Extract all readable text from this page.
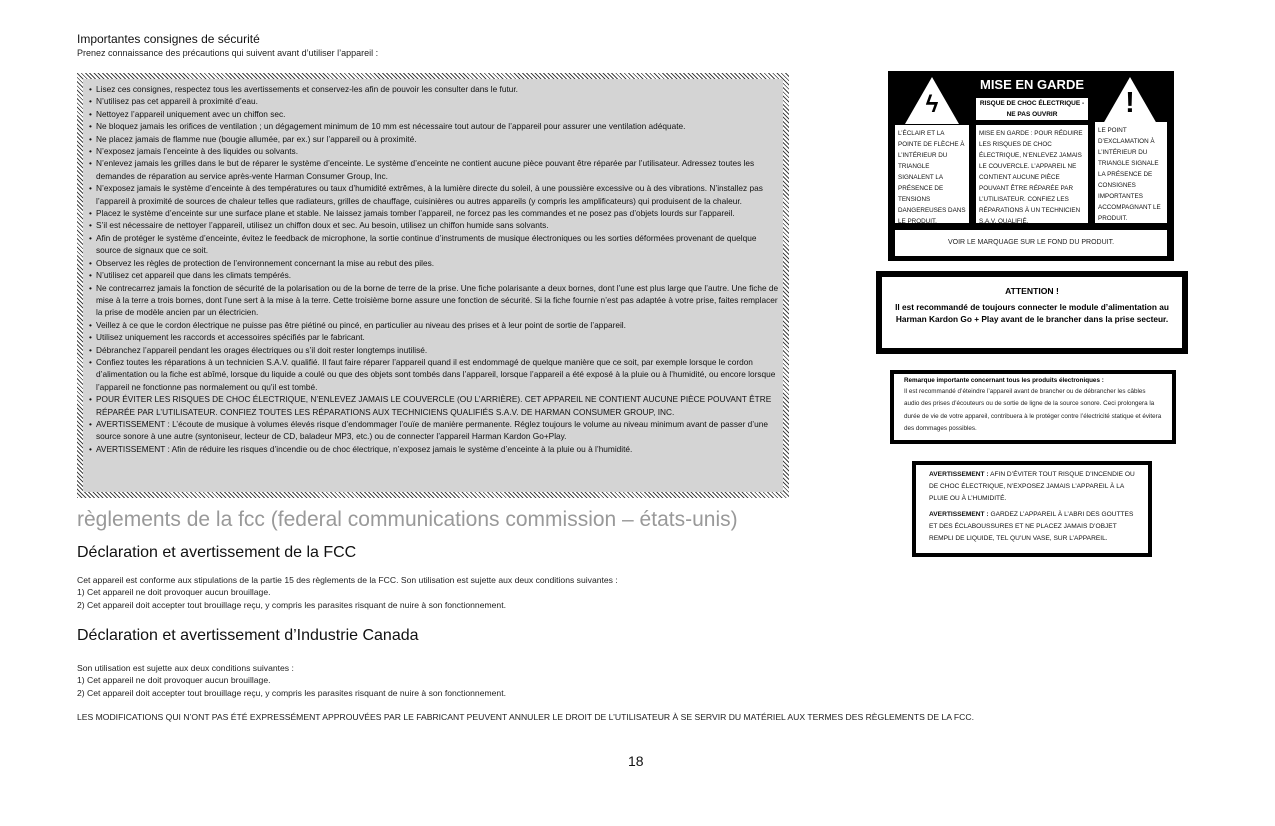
Importantes consignes de sécurité
Prenez connaissance des précautions qui suivent avant d’utiliser l’appareil :
• Lisez ces consignes, respectez tous les avertissements et conservez-les afin de pouvoir les consulter dans le futur.
• N’utilisez pas cet appareil à proximité d’eau.
• Nettoyez l’appareil uniquement avec un chiffon sec.
• Ne bloquez jamais les orifices de ventilation ; un dégagement minimum de 10 mm est nécessaire tout autour de l’appareil pour assurer une ventilation adéquate.
• Ne placez jamais de flamme nue (bougie allumée, par ex.) sur l’appareil ou à proximité.
• N’exposez jamais l’enceinte à des liquides ou solvants.
• N’enlevez jamais les grilles dans le but de réparer le système d’enceinte. Le système d’enceinte ne contient aucune pièce pouvant être réparée par l’utilisateur. Adressez toutes les demandes de réparation au service après-vente Harman Consumer Group, Inc.
• N’exposez jamais le système d’enceinte à des températures ou taux d’humidité extrêmes, à la lumière directe du soleil, à une poussière excessive ou à des vibrations. N’installez pas l’appareil à proximité de sources de chaleur telles que radiateurs, grilles de chauffage, cuisinières ou autres appareils (y compris les amplificateurs) qui produisent de la chaleur.
• Placez le système d’enceinte sur une surface plane et stable. Ne laissez jamais tomber l’appareil, ne forcez pas les commandes et ne posez pas d’objets lourds sur l’appareil.
• S’il est nécessaire de nettoyer l’appareil, utilisez un chiffon doux et sec. Au besoin, utilisez un chiffon humide sans solvants.
• Afin de protéger le système d’enceinte, évitez le feedback de microphone, la sortie continue d’instruments de musique électroniques ou les sorties déformées provenant de quelque source de signaux que ce soit.
• Observez les règles de protection de l’environnement concernant la mise au rebut des piles.
• N’utilisez cet appareil que dans les climats tempérés.
• Ne contrecarrez jamais la fonction de sécurité de la polarisation ou de la borne de terre de la prise. Une fiche polarisante a deux bornes, dont l’une est plus large que l’autre. Une fiche de mise à la terre a trois bornes, dont l’une sert à la mise à la terre. Cette troisième borne assure une fonction de sécurité. Si la fiche fournie n’est pas adaptée à votre prise, faites remplacer la prise de modèle ancien par un électricien.
• Veillez à ce que le cordon électrique ne puisse pas être piétiné ou pincé, en particulier au niveau des prises et à leur point de sortie de l’appareil.
• Utilisez uniquement les raccords et accessoires spécifiés par le fabricant.
• Débranchez l’appareil pendant les orages électriques ou s’il doit rester longtemps inutilisé.
• Confiez toutes les réparations à un technicien S.A.V. qualifié. Il faut faire réparer l’appareil quand il est endommagé de quelque manière que ce soit, par exemple lorsque le cordon d’alimentation ou la fiche est abîmé, lorsque du liquide a coulé ou que des objets sont tombés dans l’appareil, lorsque l’appareil a été exposé à la pluie ou à l’humidité, ou encore lorsque l’appareil ne fonctionne pas normalement ou qu’il est tombé.
• POUR ÉVITER LES RISQUES DE CHOC ÉLECTRIQUE, N’ENLEVEZ JAMAIS LE COUVERCLE (OU L’ARRIÈRE). CET APPAREIL NE CONTIENT AUCUNE PIÈCE POUVANT ÊTRE RÉPARÉE PAR L’UTILISATEUR. CONFIEZ TOUTES LES RÉPARATIONS AUX TECHNICIENS QUALIFIÉS S.A.V. DE HARMAN CONSUMER GROUP, INC.
• AVERTISSEMENT : L’écoute de musique à volumes élevés risque d’endommager l’ouïe de manière permanente. Réglez toujours le volume au niveau minimum avant de passer d’une source sonore à une autre (syntoniseur, lecteur de CD, baladeur MP3, etc.) ou de connecter l’appareil Harman Kardon Go+Play.
• AVERTISSEMENT : Afin de réduire les risques d’incendie ou de choc électrique, n’exposez jamais le système d’enceinte à la pluie ou à l’humidité.
règlements de la fcc (federal communications commission – états-unis)
Déclaration et avertissement de la FCC
Cet appareil est conforme aux stipulations de la partie 15 des règlements de la FCC. Son utilisation est sujette aux deux conditions suivantes :
1) Cet appareil ne doit provoquer aucun brouillage.
2) Cet appareil doit accepter tout brouillage reçu, y compris les parasites risquant de nuire à son fonctionnement.
Déclaration et avertissement d’Industrie Canada
Son utilisation est sujette aux deux conditions suivantes :
1) Cet appareil ne doit provoquer aucun brouillage.
2) Cet appareil doit accepter tout brouillage reçu, y compris les parasites risquant de nuire à son fonctionnement.
LES MODIFICATIONS QUI N’ONT PAS ÉTÉ EXPRESSÉMENT APPROUVÉES PAR LE FABRICANT PEUVENT ANNULER LE DROIT DE L’UTILISATEUR À SE SERVIR DU MATÉRIEL AUX TERMES DES RÈGLEMENTS DE LA FCC.
18
ϟ	!
MISE EN GARDE
RISQUE DE CHOC ÉLECTRIQUE - NE PAS OUVRIR
L’ÉCLAIR ET LA POINTE DE FLÈCHE À L’INTÉRIEUR DU TRIANGLE SIGNALENT LA PRÉSENCE DE TENSIONS DANGEREUSES DANS LE PRODUIT.
MISE EN GARDE : POUR RÉDUIRE LES RISQUES DE CHOC ÉLECTRIQUE, N’ENLEVEZ JAMAIS LE COUVERCLE. L’APPAREIL NE CONTIENT AUCUNE PIÈCE POUVANT ÊTRE RÉPARÉE PAR L’UTILISATEUR. CONFIEZ LES RÉPARATIONS À UN TECHNICIEN S.A.V. QUALIFIÉ.
LE POINT D’EXCLAMATION À L’INTÉRIEUR DU TRIANGLE SIGNALE LA PRÉSENCE DE CONSIGNES IMPORTANTES ACCOMPAGNANT LE PRODUIT.
VOIR LE MARQUAGE SUR LE FOND DU PRODUIT.
ATTENTION !
Il est recommandé de toujours connecter le module d’alimentation au Harman Kardon Go + Play avant de le brancher dans la prise secteur.
Remarque importante concernant tous les produits électroniques :
Il est recommandé d’éteindre l’appareil avant de brancher ou de débrancher les câbles audio des prises d’écouteurs ou de sortie de ligne de la source sonore. Ceci prolongera la durée de vie de votre appareil, contribuera à le protéger contre l’électricité statique et évitera des dommages possibles.

AVERTISSEMENT : AFIN D’ÉVITER TOUT RISQUE D’INCENDIE OU DE CHOC ÉLECTRIQUE, N’EXPOSEZ JAMAIS L’APPAREIL À LA PLUIE OU À L’HUMIDITÉ.

AVERTISSEMENT : GARDEZ L’APPAREIL À L’ABRI DES GOUTTES ET DES ÉCLABOUSSURES ET NE PLACEZ JAMAIS D’OBJET REMPLI DE LIQUIDE, TEL QU’UN VASE, SUR L’APPAREIL.
